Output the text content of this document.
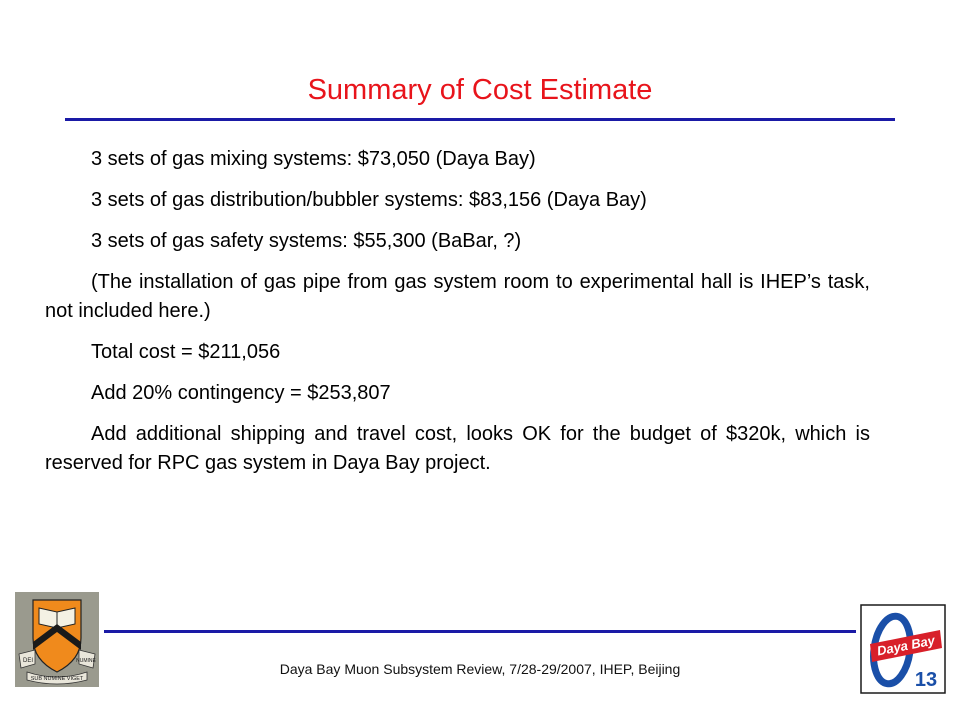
Summary of Cost Estimate

3 sets of gas mixing systems: $73,050 (Daya Bay)

3 sets of gas distribution/bubbler systems: $83,156 (Daya Bay)

3 sets of gas safety systems: $55,300 (BaBar, ?)

(The installation of gas pipe from gas system room to experimental hall is IHEP’s task, not included here.)

Total cost = $211,056

Add 20% contingency = $253,807

Add additional shipping and travel cost, looks OK for the budget of $320k, which is reserved for RPC gas system in Daya Bay project.

DEI	NUMINE
SUB NUMINE VIGET
Daya Bay Muon Subsystem Review, 7/28-29/2007, IHEP, Beijing
Daya Bay
13
